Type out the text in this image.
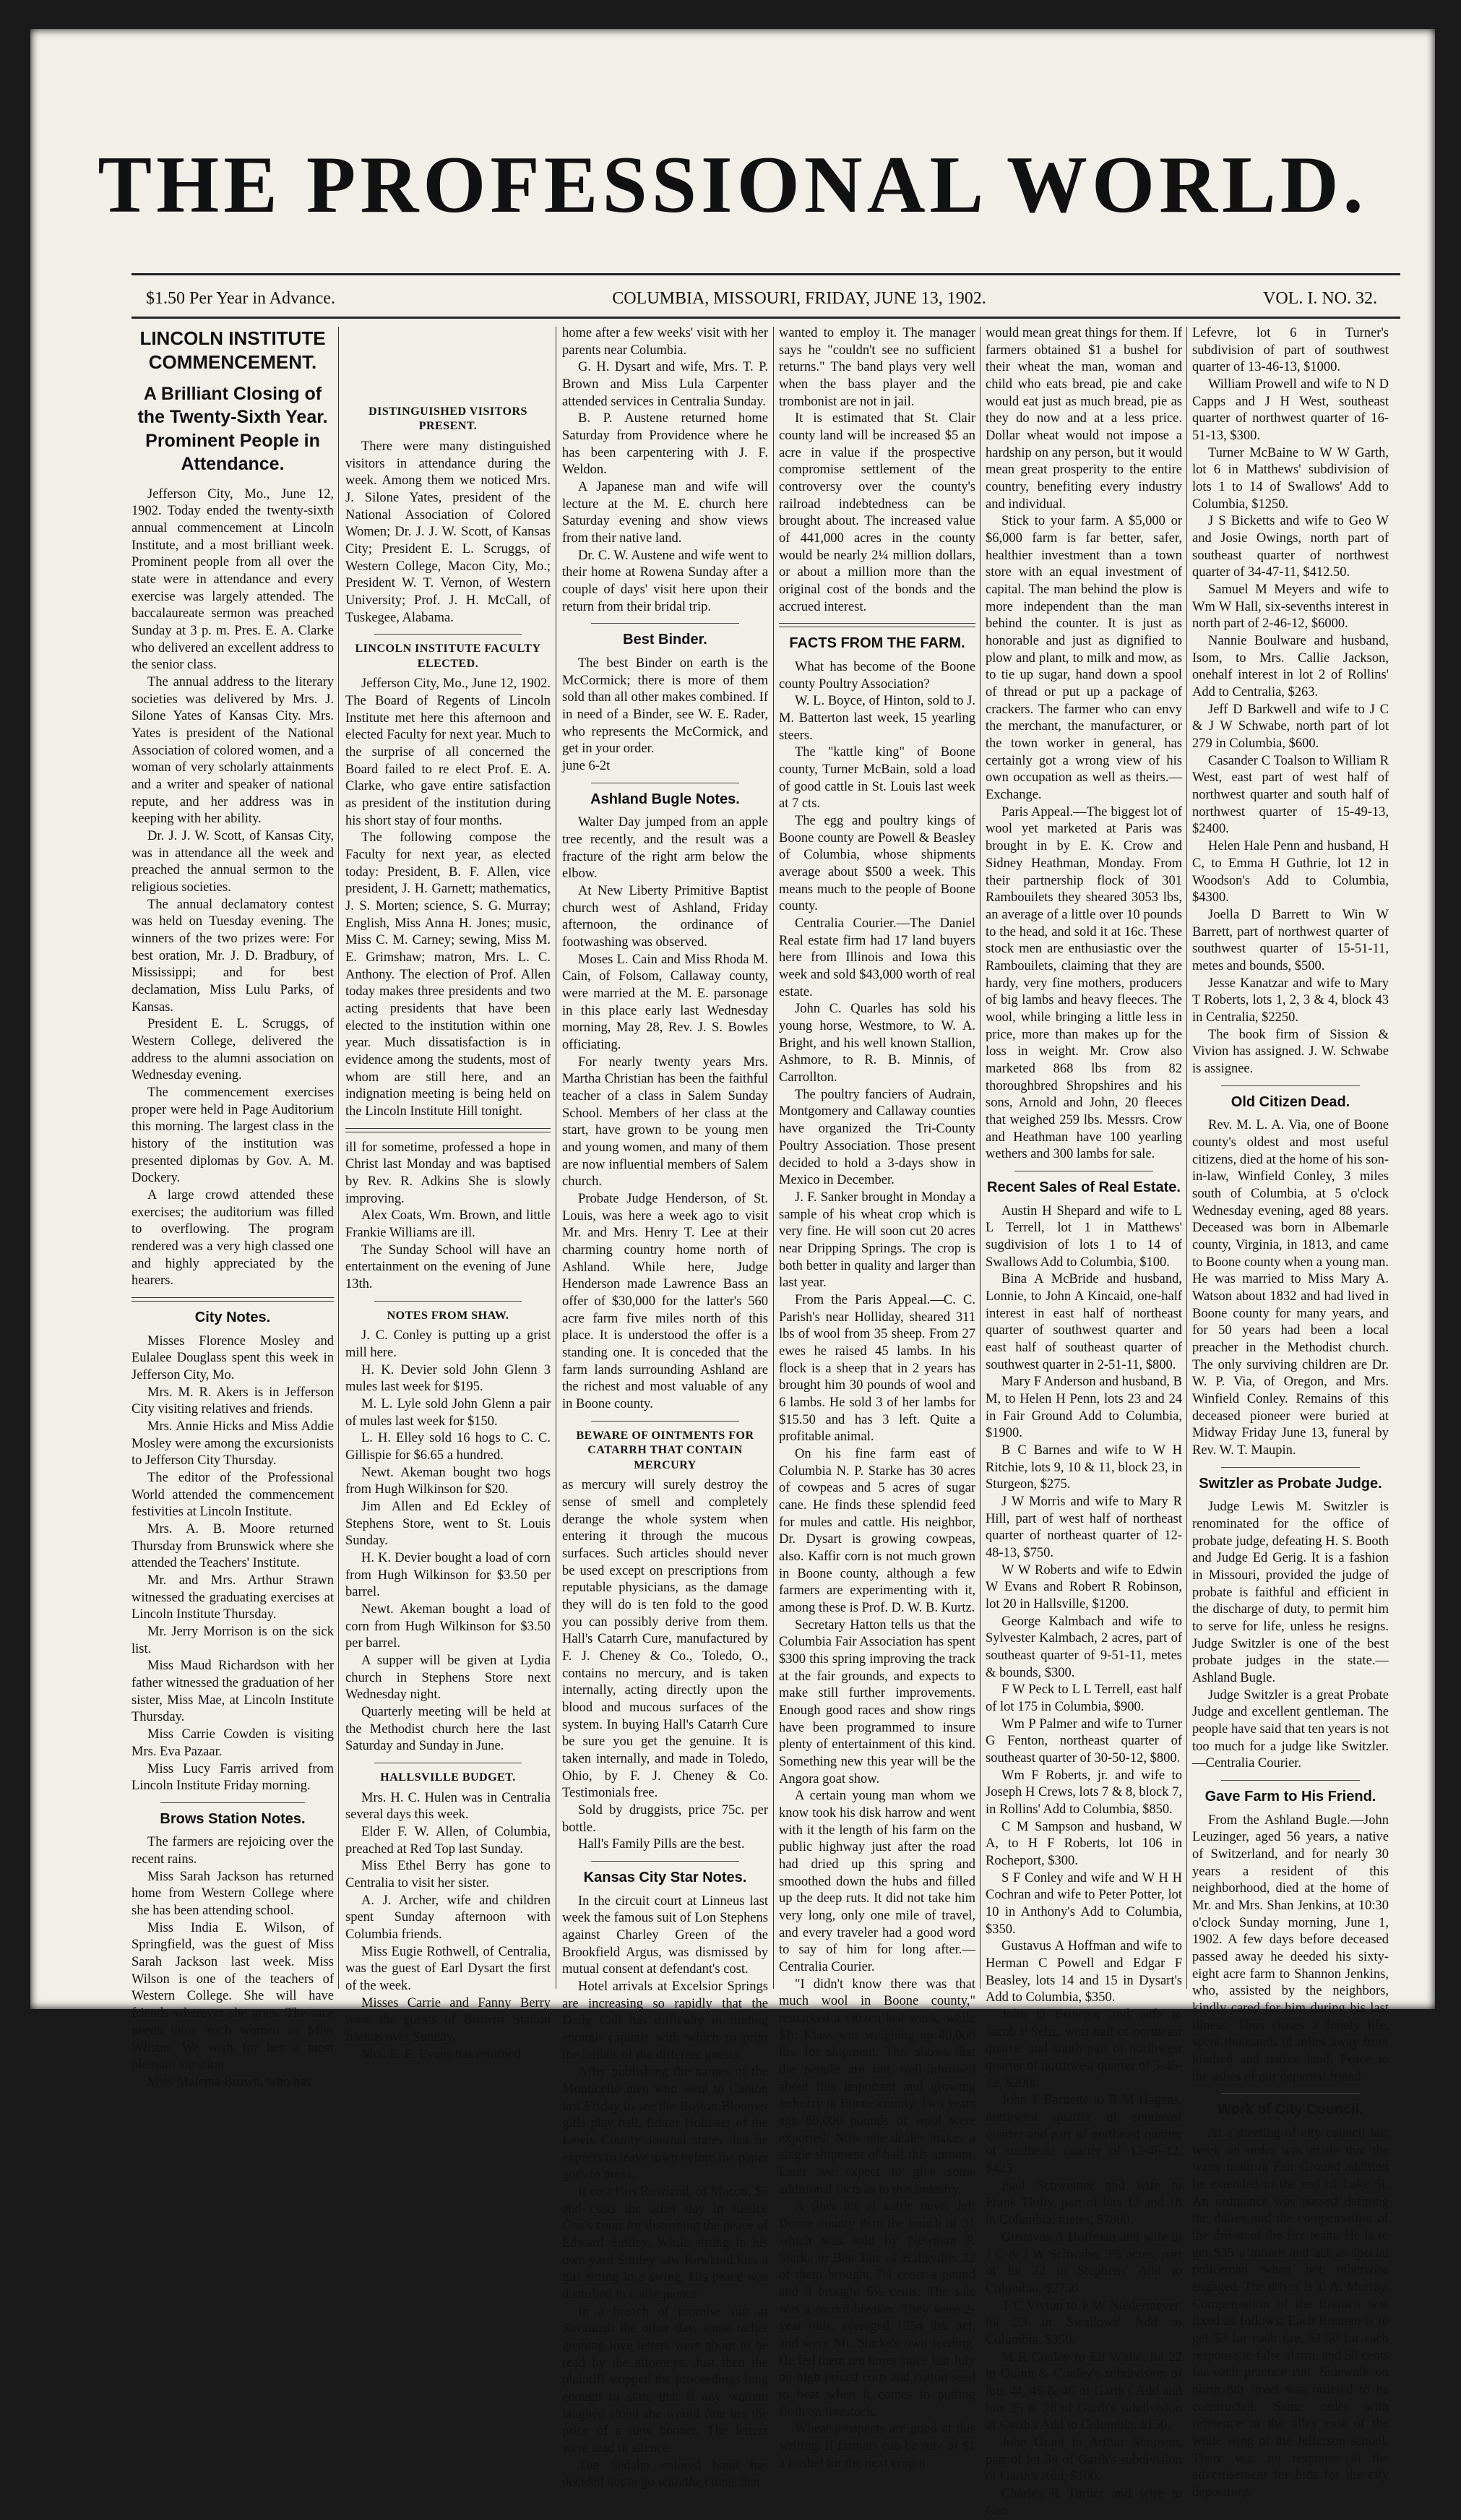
THE PROFESSIONAL WORLD.
$1.50 Per Year in Advance.	COLUMBIA, MISSOURI, FRIDAY, JUNE 13, 1902.	VOL. I. NO. 32.
LINCOLN INSTITUTE COMMENCEMENT.
A Brilliant Closing of the Twenty-Sixth Year. Prominent People in Attendance.

Jefferson City, Mo., June 12, 1902. Today ended the twenty-sixth annual commencement at Lincoln Institute, and a most brilliant week. Prominent people from all over the state were in attendance and every exercise was largely attended. The baccalaureate sermon was preached Sunday at 3 p. m. Pres. E. A. Clarke who delivered an excellent address to the senior class.

The annual address to the literary societies was delivered by Mrs. J. Silone Yates of Kansas City. Mrs. Yates is president of the National Association of colored women, and a woman of very scholarly attainments and a writer and speaker of national repute, and her address was in keeping with her ability.

Dr. J. J. W. Scott, of Kansas City, was in attendance all the week and preached the annual sermon to the religious societies.

The annual declamatory contest was held on Tuesday evening. The winners of the two prizes were: For best oration, Mr. J. D. Bradbury, of Mississippi; and for best declamation, Miss Lulu Parks, of Kansas.

President E. L. Scruggs, of Western College, delivered the address to the alumni association on Wednesday evening.

The commencement exercises proper were held in Page Auditorium this morning. The largest class in the history of the institution was presented diplomas by Gov. A. M. Dockery.

A large crowd attended these exercises; the auditorium was filled to overflowing. The program rendered was a very high classed one and highly appreciated by the hearers.

City Notes.

Misses Florence Mosley and Eulalee Douglass spent this week in Jefferson City, Mo.

Mrs. M. R. Akers is in Jefferson City visiting relatives and friends.

Mrs. Annie Hicks and Miss Addie Mosley were among the excursionists to Jefferson City Thursday.

The editor of the Professional World attended the commencement festivities at Lincoln Institute.

Mrs. A. B. Moore returned Thursday from Brunswick where she attended the Teachers' Institute.

Mr. and Mrs. Arthur Strawn witnessed the graduating exercises at Lincoln Institute Thursday.

Mr. Jerry Morrison is on the sick list.

Miss Maud Richardson with her father witnessed the graduation of her sister, Miss Mae, at Lincoln Institute Thursday.

Miss Carrie Cowden is visiting Mrs. Eva Pazaar.

Miss Lucy Farris arrived from Lincoln Institute Friday morning.

Brows Station Notes.

The farmers are rejoicing over the recent rains.

Miss Sarah Jackson has returned home from Western College where she has been attending school.

Miss India E. Wilson, of Springfield, was the guest of Miss Sarah Jackson last week. Miss Wilson is one of the teachers of Western College. She will have friends wherever she goes. The race needs more such women as Miss Wilson. We wish for her a most pleasant vacation.

Miss Malcina Brown, who has

DISTINGUISHED VISITORS PRESENT.

There were many distinguished visitors in attendance during the week. Among them we noticed Mrs. J. Silone Yates, president of the National Association of Colored Women; Dr. J. J. W. Scott, of Kansas City; President E. L. Scruggs, of Western College, Macon City, Mo.; President W. T. Vernon, of Western University; Prof. J. H. McCall, of Tuskegee, Alabama.

LINCOLN INSTITUTE FACULTY ELECTED.

Jefferson City, Mo., June 12, 1902. The Board of Regents of Lincoln Institute met here this afternoon and elected Faculty for next year. Much to the surprise of all concerned the Board failed to re elect Prof. E. A. Clarke, who gave entire satisfaction as president of the institution during his short stay of four months.

The following compose the Faculty for next year, as elected today: President, B. F. Allen, vice president, J. H. Garnett; mathematics, J. S. Morten; science, S. G. Murray; English, Miss Anna H. Jones; music, Miss C. M. Carney; sewing, Miss M. E. Grimshaw; matron, Mrs. L. C. Anthony. The election of Prof. Allen today makes three presidents and two acting presidents that have been elected to the institution within one year. Much dissatisfaction is in evidence among the students, most of whom are still here, and an indignation meeting is being held on the Lincoln Institute Hill tonight.

ill for sometime, professed a hope in Christ last Monday and was baptised by Rev. R. Adkins She is slowly improving.

Alex Coats, Wm. Brown, and little Frankie Williams are ill.

The Sunday School will have an entertainment on the evening of June 13th.

NOTES FROM SHAW.

J. C. Conley is putting up a grist mill here.

H. K. Devier sold John Glenn 3 mules last week for $195.

M. L. Lyle sold John Glenn a pair of mules last week for $150.

L. H. Elley sold 16 hogs to C. C. Gillispie for $6.65 a hundred.

Newt. Akeman bought two hogs from Hugh Wilkinson for $20.

Jim Allen and Ed Eckley of Stephens Store, went to St. Louis Sunday.

H. K. Devier bought a load of corn from Hugh Wilkinson for $3.50 per barrel.

Newt. Akeman bought a load of corn from Hugh Wilkinson for $3.50 per barrel.

A supper will be given at Lydia church in Stephens Store next Wednesday night.

Quarterly meeting will be held at the Methodist church here the last Saturday and Sunday in June.

HALLSVILLE BUDGET.

Mrs. H. C. Hulen was in Centralia several days this week.

Elder F. W. Allen, of Columbia, preached at Red Top last Sunday.

Miss Ethel Berry has gone to Centralia to visit her sister.

A. J. Archer, wife and children spent Sunday afternoon with Columbia friends.

Miss Eugie Rothwell, of Centralia, was the guest of Earl Dysart the first of the week.

Misses Carrie and Fanny Berry were the guests of Browns Station friends over Sunday.

Mrs. E. E. Evans has returned

home after a few weeks' visit with her parents near Columbia.

G. H. Dysart and wife, Mrs. T. P. Brown and Miss Lula Carpenter attended services in Centralia Sunday.

B. P. Austene returned home Saturday from Providence where he has been carpentering with J. F. Weldon.

A Japanese man and wife will lecture at the M. E. church here Saturday evening and show views from their native land.

Dr. C. W. Austene and wife went to their home at Rowena Sunday after a couple of days' visit here upon their return from their bridal trip.

Best Binder.

The best Binder on earth is the McCormick; there is more of them sold than all other makes combined. If in need of a Binder, see W. E. Rader, who represents the McCormick, and get in your order.

june 6-2t

Ashland Bugle Notes.

Walter Day jumped from an apple tree recently, and the result was a fracture of the right arm below the elbow.

At New Liberty Primitive Baptist church west of Ashland, Friday afternoon, the ordinance of footwashing was observed.

Moses L. Cain and Miss Rhoda M. Cain, of Folsom, Callaway county, were married at the M. E. parsonage in this place early last Wednesday morning, May 28, Rev. J. S. Bowles officiating.

For nearly twenty years Mrs. Martha Christian has been the faithful teacher of a class in Salem Sunday School. Members of her class at the start, have grown to be young men and young women, and many of them are now influential members of Salem church.

Probate Judge Henderson, of St. Louis, was here a week ago to visit Mr. and Mrs. Henry T. Lee at their charming country home north of Ashland. While here, Judge Henderson made Lawrence Bass an offer of $30,000 for the latter's 560 acre farm five miles north of this place. It is understood the offer is a standing one. It is conceded that the farm lands surrounding Ashland are the richest and most valuable of any in Boone county.

BEWARE OF OINTMENTS FOR CATARRH THAT CONTAIN MERCURY

as mercury will surely destroy the sense of smell and completely derange the whole system when entering it through the mucous surfaces. Such articles should never be used except on prescriptions from reputable physicians, as the damage they will do is ten fold to the good you can possibly derive from them. Hall's Catarrh Cure, manufactured by F. J. Cheney & Co., Toledo, O., contains no mercury, and is taken internally, acting directly upon the blood and mucous surfaces of the system. In buying Hall's Catarrh Cure be sure you get the genuine. It is taken internally, and made in Toledo, Ohio, by F. J. Cheney & Co. Testimonials free.

Sold by druggists, price 75c. per bottle.

Hall's Family Pills are the best.

Kansas City Star Notes.

In the circuit court at Linneus last week the famous suit of Lon Stephens against Charley Green of the Brookfield Argus, was dismissed by mutual consent at defendant's cost.

Hotel arrivals at Excelsior Springs are increasing so rapidly that the Daily Call has difficulty in finding enough capitals with which to print the initials of the different guests.

After publishing the names of the Monticello men who went to Canton last Friday to see the Boston Bloomer girls play ball, Editor Hollister of the Lewis County Journal states that he expects to leave town before the paper goes to press.

It cost Gus Rowland, of Macon, $5 and costs the other day in Justice Cox's court for disturbing the peace of Edward Smiley. While sitting in his own yard Smiley saw Rowland kiss a girl sitting in a swing. His peace was disturbed in consequence.

In a breach of promise suit at Savannah the other day, some rather gushing love letters were about to be read by the attorneys. Just then the plaintiff stopped the proceedings long enough to state that if any woman laughed aloud she would fine her the price of a new bonnet. The letters were read in silence.

The Sedalia colored band has decided not to go with the circus that

wanted to employ it. The manager says he "couldn't see no sufficient returns." The band plays very well when the bass player and the trombonist are not in jail.

It is estimated that St. Clair county land will be increased $5 an acre in value if the prospective compromise settlement of the controversy over the county's railroad indebtedness can be brought about. The increased value of 441,000 acres in the county would be nearly 2¼ million dollars, or about a million more than the original cost of the bonds and the accrued interest.

FACTS FROM THE FARM.

What has become of the Boone county Poultry Association?

W. L. Boyce, of Hinton, sold to J. M. Batterton last week, 15 yearling steers.

The "kattle king" of Boone county, Turner McBain, sold a load of good cattle in St. Louis last week at 7 cts.

The egg and poultry kings of Boone county are Powell & Beasley of Columbia, whose shipments average about $500 a week. This means much to the people of Boone county.

Centralia Courier.—The Daniel Real estate firm had 17 land buyers here from Illinois and Iowa this week and sold $43,000 worth of real estate.

John C. Quarles has sold his young horse, Westmore, to W. A. Bright, and his well known Stallion, Ashmore, to R. B. Minnis, of Carrollton.

The poultry fanciers of Audrain, Montgomery and Callaway counties have organized the Tri-County Poultry Association. Those present decided to hold a 3-days show in Mexico in December.

J. F. Sanker brought in Monday a sample of his wheat crop which is very fine. He will soon cut 20 acres near Dripping Springs. The crop is both better in quality and larger than last year.

From the Paris Appeal.—C. C. Parish's near Holliday, sheared 311 lbs of wool from 35 sheep. From 27 ewes he raised 45 lambs. In his flock is a sheep that in 2 years has brought him 30 pounds of wool and 6 lambs. He sold 3 of her lambs for $15.50 and has 3 left. Quite a profitable animal.

On his fine farm east of Columbia N. P. Starke has 30 acres of cowpeas and 5 acres of sugar cane. He finds these splendid feed for mules and cattle. His neighbor, Dr. Dysart is growing cowpeas, also. Kaffir corn is not much grown in Boone county, although a few farmers are experimenting with it, among these is Prof. D. W. B. Kurtz.

Secretary Hatton tells us that the Columbia Fair Association has spent $300 this spring improving the track at the fair grounds, and expects to make still further improvements. Enough good races and show rings have been programmed to insure plenty of entertainment of this kind. Something new this year will be the Angora goat show.

A certain young man whom we know took his disk harrow and went with it the length of his farm on the public highway just after the road had dried up this spring and smoothed down the hubs and filled up the deep ruts. It did not take him very long, only one mile of travel, and every traveler had a good word to say of him for long after.—Centralia Courier.

"I didn't know there was that much wool in Boone county," remarked a citizen last week, while Mr. Klass was weighing up 40,000 lbs. for shipment. This shows that the people are not well-informed about this important and growing industry in Boone county. Two years ago 80,000 pounds of wool were exported. Now one dealer makes a single shipment of half this amount. Later we expect to give some additional facts as to this industry.

A finer lot of cattle never left Boone county than the bunch of 31 which was sold by Newman P. Starke to Ben Tate of Hallsville. 22 of them brought 7¼ cents a pound and 9 brought 6½ cents. The sale was a record-breaker. They were 2-year olds, averaged 1354 lbs. net, and were Mr. Starke's own feeding. He fed them ten times since last July on high priced corn and cotton seed to beat when it comes to putting flesh on livestock.

Wheat prospects are good at this writing. If farmers can be sure of $1 a bushel for the next crop it

would mean great things for them. If farmers obtained $1 a bushel for their wheat the man, woman and child who eats bread, pie and cake would eat just as much bread, pie as they do now and at a less price. Dollar wheat would not impose a hardship on any person, but it would mean great prosperity to the entire country, benefiting every industry and individual.

Stick to your farm. A $5,000 or $6,000 farm is far better, safer, healthier investment than a town store with an equal investment of capital. The man behind the plow is more independent than the man behind the counter. It is just as honorable and just as dignified to plow and plant, to milk and mow, as to tie up sugar, hand down a spool of thread or put up a package of crackers. The farmer who can envy the merchant, the manufacturer, or the town worker in general, has certainly got a wrong view of his own occupation as well as theirs.—Exchange.

Paris Appeal.—The biggest lot of wool yet marketed at Paris was brought in by E. K. Crow and Sidney Heathman, Monday. From their partnership flock of 301 Rambouilets they sheared 3053 lbs, an average of a little over 10 pounds to the head, and sold it at 16c. These stock men are enthusiastic over the Rambouilets, claiming that they are hardy, very fine mothers, producers of big lambs and heavy fleeces. The wool, while bringing a little less in price, more than makes up for the loss in weight. Mr. Crow also marketed 868 lbs from 82 thoroughbred Shropshires and his sons, Arnold and John, 20 fleeces that weighed 259 lbs. Messrs. Crow and Heathman have 100 yearling wethers and 300 lambs for sale.

Recent Sales of Real Estate.

Austin H Shepard and wife to L L Terrell, lot 1 in Matthews' sugdivision of lots 1 to 14 of Swallows Add to Columbia, $100.

Bina A McBride and husband, Lonnie, to John A Kincaid, one-half interest in east half of northeast quarter of southwest quarter and east half of southeast quarter of southwest quarter in 2-51-11, $800.

Mary F Anderson and husband, B M, to Helen H Penn, lots 23 and 24 in Fair Ground Add to Columbia, $1900.

B C Barnes and wife to W H Ritchie, lots 9, 10 & 11, block 23, in Sturgeon, $275.

J W Morris and wife to Mary R Hill, part of west half of northeast quarter of northeast quarter of 12-48-13, $750.

W W Roberts and wife to Edwin W Evans and Robert R Robinson, lot 20 in Hallsville, $1200.

George Kalmbach and wife to Sylvester Kalmbach, 2 acres, part of southeast quarter of 9-51-11, metes & bounds, $300.

F W Peck to L L Terrell, east half of lot 175 in Columbia, $900.

Wm P Palmer and wife to Turner G Fenton, northeast quarter of southeast quarter of 30-50-12, $800.

Wm F Roberts, jr. and wife to Joseph H Crews, lots 7 & 8, block 7, in Rollins' Add to Columbia, $850.

C M Sampson and husband, W A, to H F Roberts, lot 106 in Rocheport, $300.

S F Conley and wife and W H H Cochran and wife to Peter Potter, lot 10 in Anthony's Add to Columbia, $350.

Gustavus A Hoffman and wife to Herman C Powell and Edgar F Beasley, lots 14 and 15 in Dysart's Add to Columbia, $350.

John D Brinegar and wife to Jacob P Seltz, west half of northeast quarter and south part of northwest quarter of northwest quarter of 5-46-12, $2000.

John T Barnette to R M Hagans, northwest quarter of southeast quarter and part of northeast quarter of southeast quarter of 13-46-12, $425.

Paul Schweitter and wife to Frank Thilly, part of lots 17 and 18 in Columbia, metes, $7800.

Gustavus A Hoffman and wife to J C & J W Schwabe, 3¾ acres, part of lot 22 in Stephens' Add to Columbia, $2750.

T C Vivion to F W Niedermeyer, lot 23 in Swallows' Add to Columbia, $350.

M R Conley to Eli White, lot 22 in Quinn & Conley's subdivision of lots 44, 45 & 46 of Garth's Add and lots 25 & 28 of Garth's subdivision of Garth's Add to Columbia, $150.

John Grant to Arthur Simpson, part of lot 34 of Garth's subdivision of Garth's Add, $100.

Charles R Turner and wife to Geo

Lefevre, lot 6 in Turner's subdivision of part of southwest quarter of 13-46-13, $1000.

William Prowell and wife to N D Capps and J H West, southeast quarter of northwest quarter of 16-51-13, $300.

Turner McBaine to W W Garth, lot 6 in Matthews' subdivision of lots 1 to 14 of Swallows' Add to Columbia, $1250.

J S Bicketts and wife to Geo W and Josie Owings, north part of southeast quarter of northwest quarter of 34-47-11, $412.50.

Samuel M Meyers and wife to Wm W Hall, six-sevenths interest in north part of 2-46-12, $6000.

Nannie Boulware and husband, Isom, to Mrs. Callie Jackson, onehalf interest in lot 2 of Rollins' Add to Centralia, $263.

Jeff D Barkwell and wife to J C & J W Schwabe, north part of lot 279 in Columbia, $600.

Casander C Toalson to William R West, east part of west half of northwest quarter and south half of northwest quarter of 15-49-13, $2400.

Helen Hale Penn and husband, H C, to Emma H Guthrie, lot 12 in Woodson's Add to Columbia, $4300.

Joella D Barrett to Win W Barrett, part of northwest quarter of southwest quarter of 15-51-11, metes and bounds, $500.

Jesse Kanatzar and wife to Mary T Roberts, lots 1, 2, 3 & 4, block 43 in Centralia, $2250.

The book firm of Sission & Vivion has assigned. J. W. Schwabe is assignee.

Old Citizen Dead.

Rev. M. L. A. Via, one of Boone county's oldest and most useful citizens, died at the home of his son-in-law, Winfield Conley, 3 miles south of Columbia, at 5 o'clock Wednesday evening, aged 88 years. Deceased was born in Albemarle county, Virginia, in 1813, and came to Boone county when a young man. He was married to Miss Mary A. Watson about 1832 and had lived in Boone county for many years, and for 50 years had been a local preacher in the Methodist church. The only surviving children are Dr. W. P. Via, of Oregon, and Mrs. Winfield Conley. Remains of this deceased pioneer were buried at Midway Friday June 13, funeral by Rev. W. T. Maupin.

Switzler as Probate Judge.

Judge Lewis M. Switzler is renominated for the office of probate judge, defeating H. S. Booth and Judge Ed Gerig. It is a fashion in Missouri, provided the judge of probate is faithful and efficient in the discharge of duty, to permit him to serve for life, unless he resigns. Judge Switzler is one of the best probate judges in the state.—Ashland Bugle.

Judge Switzler is a great Probate Judge and excellent gentleman. The people have said that ten years is not too much for a judge like Switzler.—Centralia Courier.

Gave Farm to His Friend.

From the Ashland Bugle.—John Leuzinger, aged 56 years, a native of Switzerland, and for nearly 30 years a resident of this neighborhood, died at the home of Mr. and Mrs. Shan Jenkins, at 10:30 o'clock Sunday morning, June 1, 1902. A few days before deceased passed away he deeded his sixty-eight acre farm to Shannon Jenkins, who, assisted by the neighbors, kindly cared for him during his last illness. Thus closes a lonely life, spent thousands of miles away from kindred and native land. Peace to the ashes of our departed friend.

Work of City Council.

At a meeting of city council last week an order was made that the water main in Fair Ground addition be extended to the end of Lake St. An ordinance was passed defining the duties and the compensation of the driver of the fire team. He is to get $35 a month and act as special policeman when not otherwise engaged. The driver is T. A. Murray. Compensation of the firemen was fixed as follows: Each fireman is to get $3 for each fire, $1.50 for each response to false alarm, and 50 cents for each practice run. Sidewalk on north 8th street was ordered to be constructed. Same order with reference to the alley east of the white wing of the Jefferson school. There was no response to the advertisement for bids for the city depository.
